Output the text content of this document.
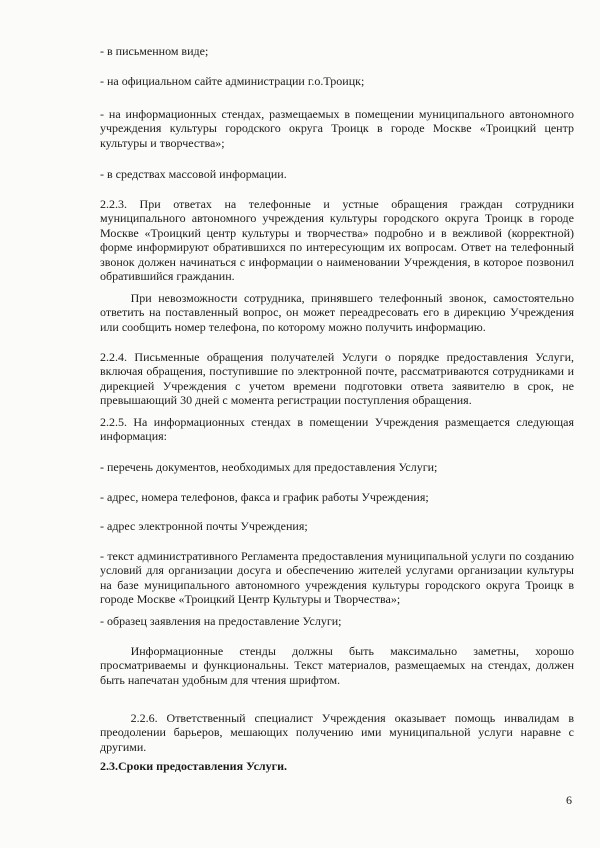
- в письменном виде;

- на официальном сайте администрации г.о.Троицк;

- на информационных стендах, размещаемых в помещении муниципального автономного учреждения культуры городского округа Троицк в городе Москве «Троицкий центр культуры и творчества»;

- в средствах массовой информации.

2.2.3. При ответах на телефонные и устные обращения граждан сотрудники муниципального автономного учреждения культуры городского округа Троицк в городе Москве «Троицкий центр культуры и творчества» подробно и в вежливой (корректной) форме информируют обратившихся по интересующим их вопросам. Ответ на телефонный звонок должен начинаться с информации о наименовании Учреждения, в которое позвонил обратившийся гражданин.

При невозможности сотрудника, принявшего телефонный звонок, самостоятельно ответить на поставленный вопрос, он может переадресовать его в дирекцию Учреждения или сообщить номер телефона, по которому можно получить информацию.

2.2.4. Письменные обращения получателей Услуги о порядке предоставления Услуги, включая обращения, поступившие по электронной почте, рассматриваются сотрудниками и дирекцией Учреждения с учетом времени подготовки ответа заявителю в срок, не превышающий 30 дней с момента регистрации поступления обращения.

2.2.5. На информационных стендах в помещении Учреждения размещается следующая информация:

- перечень документов, необходимых для предоставления Услуги;

- адрес, номера телефонов, факса и график работы Учреждения;

- адрес электронной почты Учреждения;

- текст административного Регламента предоставления муниципальной услуги по созданию условий для организации досуга и обеспечению жителей услугами организации культуры на базе муниципального автономного учреждения культуры городского округа Троицк в городе Москве «Троицкий Центр Культуры и Творчества»;

- образец заявления на предоставление Услуги;

Информационные стенды должны быть максимально заметны, хорошо просматриваемы и функциональны. Текст материалов, размещаемых на стендах, должен быть напечатан удобным для чтения шрифтом.

2.2.6. Ответственный специалист Учреждения оказывает помощь инвалидам в преодолении барьеров, мешающих получению ими муниципальной услуги наравне с другими.

2.3.Сроки предоставления Услуги.

6
